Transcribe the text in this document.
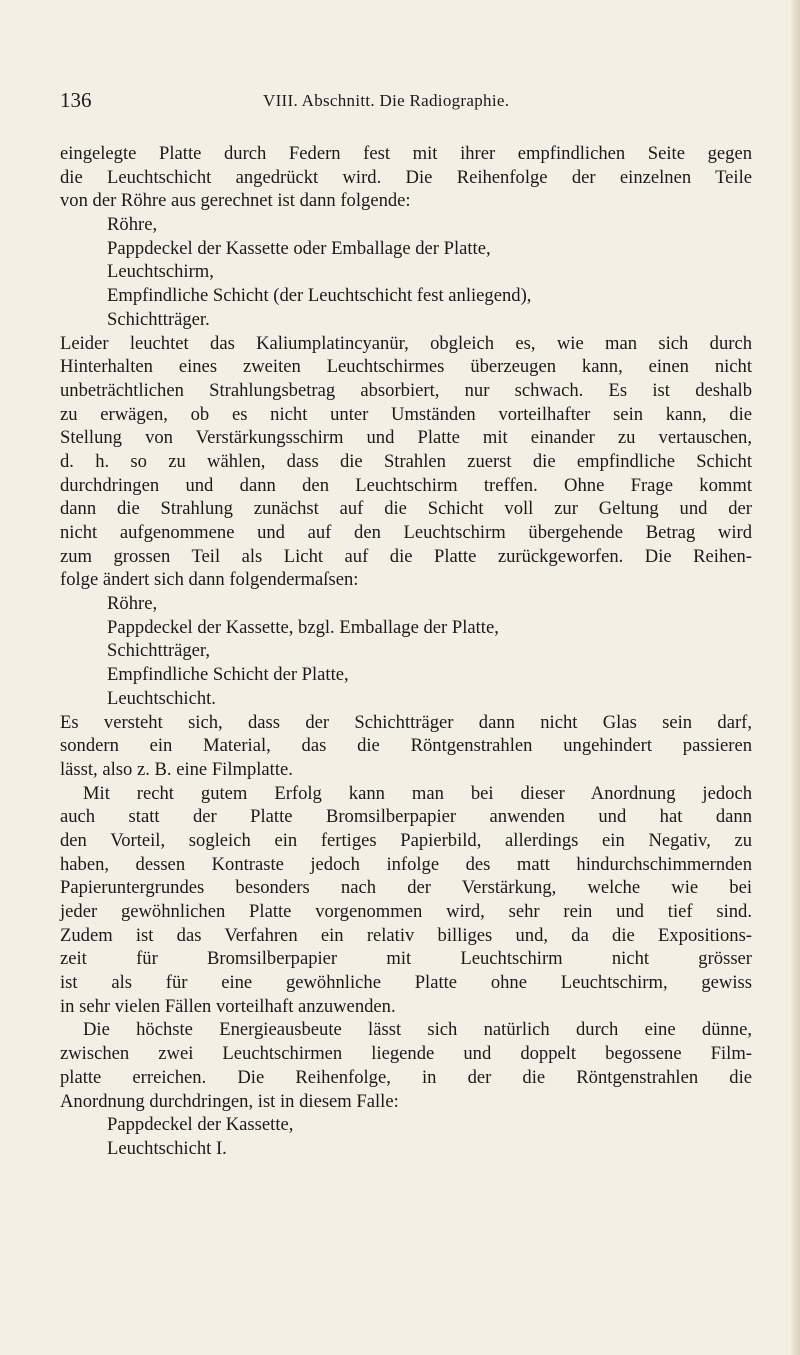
136	VIII. Abschnitt. Die Radiographie.
eingelegte Platte durch Federn fest mit ihrer empfindlichen Seite gegen
die Leuchtschicht angedrückt wird. Die Reihenfolge der einzelnen Teile
von der Röhre aus gerechnet ist dann folgende:
Röhre,
Pappdeckel der Kassette oder Emballage der Platte,
Leuchtschirm,
Empfindliche Schicht (der Leuchtschicht fest anliegend),
Schichtträger.
Leider leuchtet das Kaliumplatincyanür, obgleich es, wie man sich durch
Hinterhalten eines zweiten Leuchtschirmes überzeugen kann, einen nicht
unbeträchtlichen Strahlungsbetrag absorbiert, nur schwach. Es ist deshalb
zu erwägen, ob es nicht unter Umständen vorteilhafter sein kann, die
Stellung von Verstärkungsschirm und Platte mit einander zu vertauschen,
d. h. so zu wählen, dass die Strahlen zuerst die empfindliche Schicht
durchdringen und dann den Leuchtschirm treffen. Ohne Frage kommt
dann die Strahlung zunächst auf die Schicht voll zur Geltung und der
nicht aufgenommene und auf den Leuchtschirm übergehende Betrag wird
zum grossen Teil als Licht auf die Platte zurückgeworfen. Die Reihen-
folge ändert sich dann folgendermaſsen:
Röhre,
Pappdeckel der Kassette, bzgl. Emballage der Platte,
Schichtträger,
Empfindliche Schicht der Platte,
Leuchtschicht.
Es versteht sich, dass der Schichtträger dann nicht Glas sein darf,
sondern ein Material, das die Röntgenstrahlen ungehindert passieren
lässt, also z. B. eine Filmplatte.
Mit recht gutem Erfolg kann man bei dieser Anordnung jedoch
auch statt der Platte Bromsilberpapier anwenden und hat dann
den Vorteil, sogleich ein fertiges Papierbild, allerdings ein Negativ, zu
haben, dessen Kontraste jedoch infolge des matt hindurchschimmernden
Papieruntergrundes besonders nach der Verstärkung, welche wie bei
jeder gewöhnlichen Platte vorgenommen wird, sehr rein und tief sind.
Zudem ist das Verfahren ein relativ billiges und, da die Expositions-
zeit für Bromsilberpapier mit Leuchtschirm nicht grösser
ist als für eine gewöhnliche Platte ohne Leuchtschirm, gewiss
in sehr vielen Fällen vorteilhaft anzuwenden.
Die höchste Energieausbeute lässt sich natürlich durch eine dünne,
zwischen zwei Leuchtschirmen liegende und doppelt begossene Film-
platte erreichen. Die Reihenfolge, in der die Röntgenstrahlen die
Anordnung durchdringen, ist in diesem Falle:
Pappdeckel der Kassette,
Leuchtschicht I.
